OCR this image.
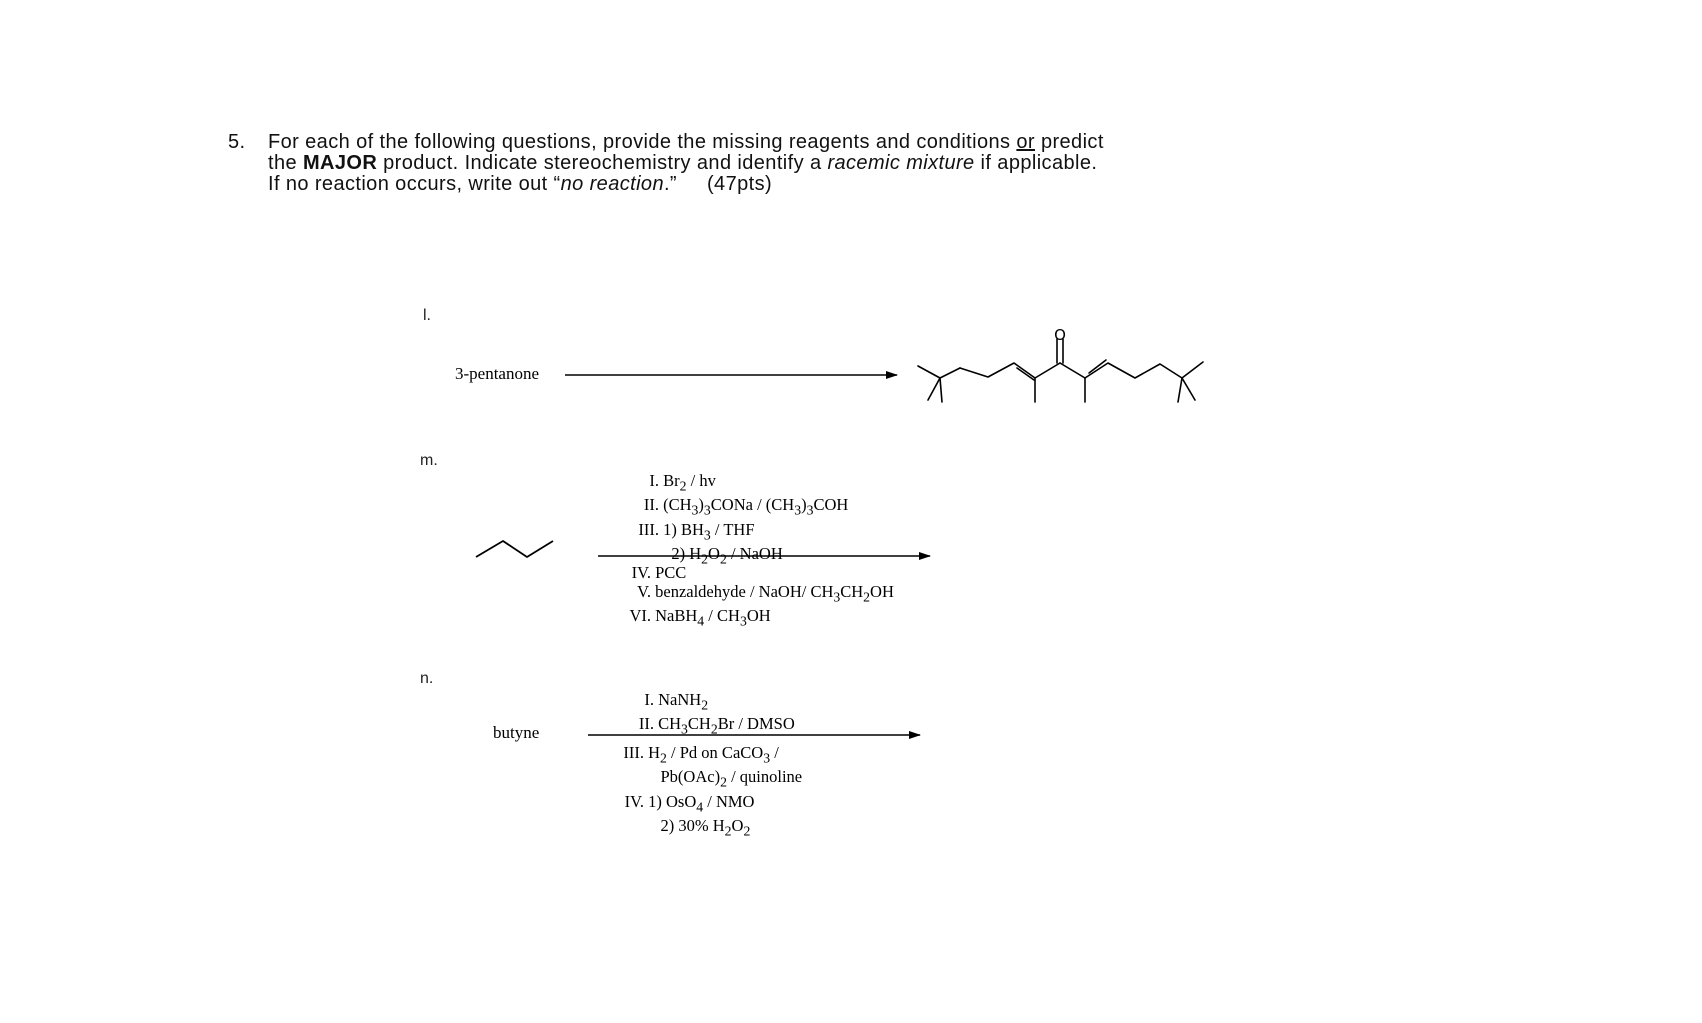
5. For each of the following questions, provide the missing reagents and conditions or predict
the MAJOR product. Indicate stereochemistry and identify a racemic mixture if applicable.
If no reaction occurs, write out “no reaction.” (47pts)
O
l.
3-pentanone
m.
I. $Br_2$ / hv
II. $(CH_3)_3CONa / (CH_3)_3COH$
III. 1) $BH_3$ / THF
2) $H_2O_2$ / NaOH
IV. PCC
V. benzaldehyde / NaOH/ $CH_3CH_2OH$
VI. NaBH$_4$ / $CH_3OH$
n.
butyne
I. NaNH$_2$
II. $CH_3CH_2Br$ / DMSO
III. $H_2$ / Pd on CaCO$_3$ /
$Pb(OAc)_2$ / quinoline
IV. 1) OsO$_4$ / NMO
2) 30% $H_2O_2$
